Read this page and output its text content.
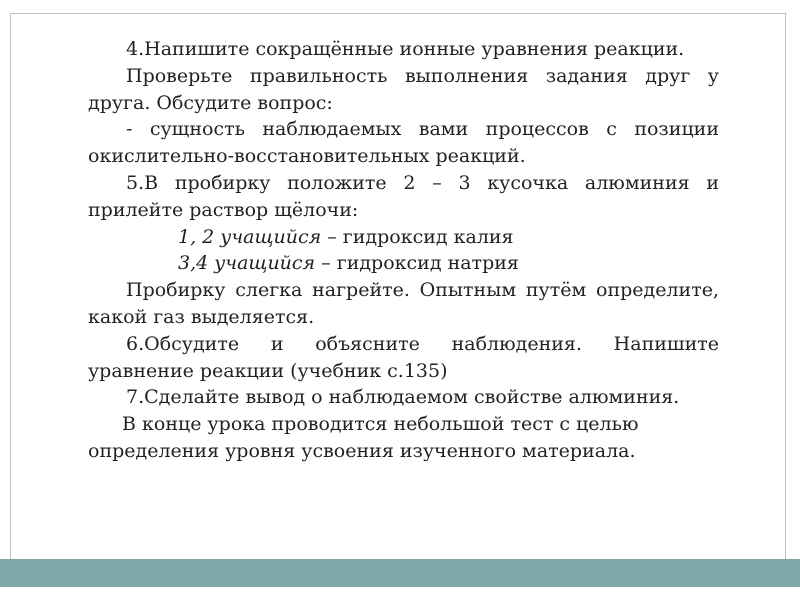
4.Напишите сокращённые ионные уравнения реакции.

Проверьте правильность выполнения задания друг у друга. Обсудите вопрос:

- сущность наблюдаемых вами процессов с позиции окислительно-восстановительных реакций.

5.В пробирку положите 2 – 3 кусочка алюминия и прилейте раствор щёлочи:

1, 2 учащийся – гидроксид калия

3,4 учащийся – гидроксид натрия

Пробирку слегка нагрейте. Опытным путём определите, какой газ выделяется.

6.Обсудите и объясните наблюдения. Напишите уравнение реакции (учебник с.135)

7.Сделайте вывод о наблюдаемом свойстве алюминия.

В конце урока проводится небольшой тест с целью определения уровня усвоения изученного материала.
